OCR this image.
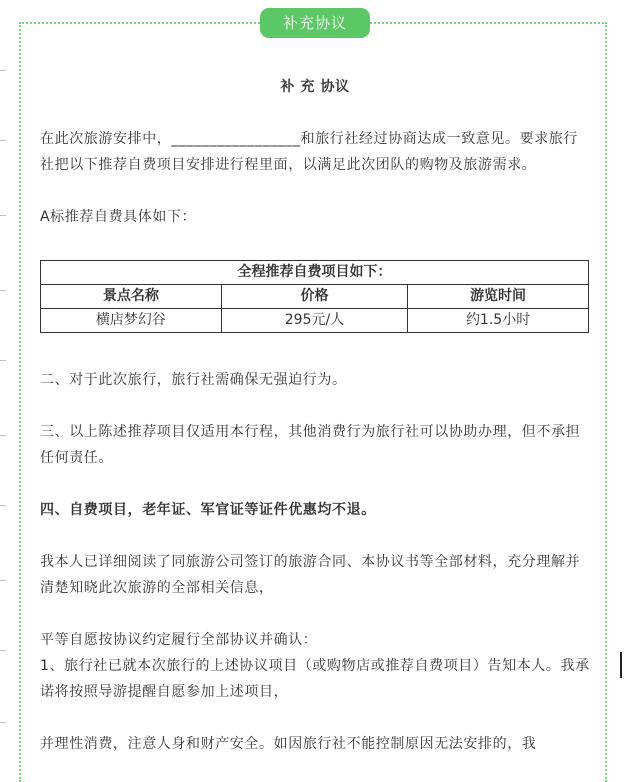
补充协议

补 充 协议

在此次旅游安排中，_________________和旅行社经过协商达成一致意见。要求旅行社把以下推荐自费项目安排进行程里面，以满足此次团队的购物及旅游需求。

A标推荐自费具体如下：

全程推荐自费项目如下：		
景点名称	价格	游览时间
横店梦幻谷	295元/人	约1.5小时

二、对于此次旅行，旅行社需确保无强迫行为。

三、以上陈述推荐项目仅适用本行程，其他消费行为旅行社可以协助办理，但不承担任何责任。

四、自费项目，老年证、军官证等证件优惠均不退。

我本人已详细阅读了同旅游公司签订的旅游合同、本协议书等全部材料，充分理解并清楚知晓此次旅游的全部相关信息，

平等自愿按协议约定履行全部协议并确认：

1、旅行社已就本次旅行的上述协议项目（或购物店或推荐自费项目）告知本人。我承诺将按照导游提醒自愿参加上述项目，

并理性消费，注意人身和财产安全。如因旅行社不能控制原因无法安排的，我
